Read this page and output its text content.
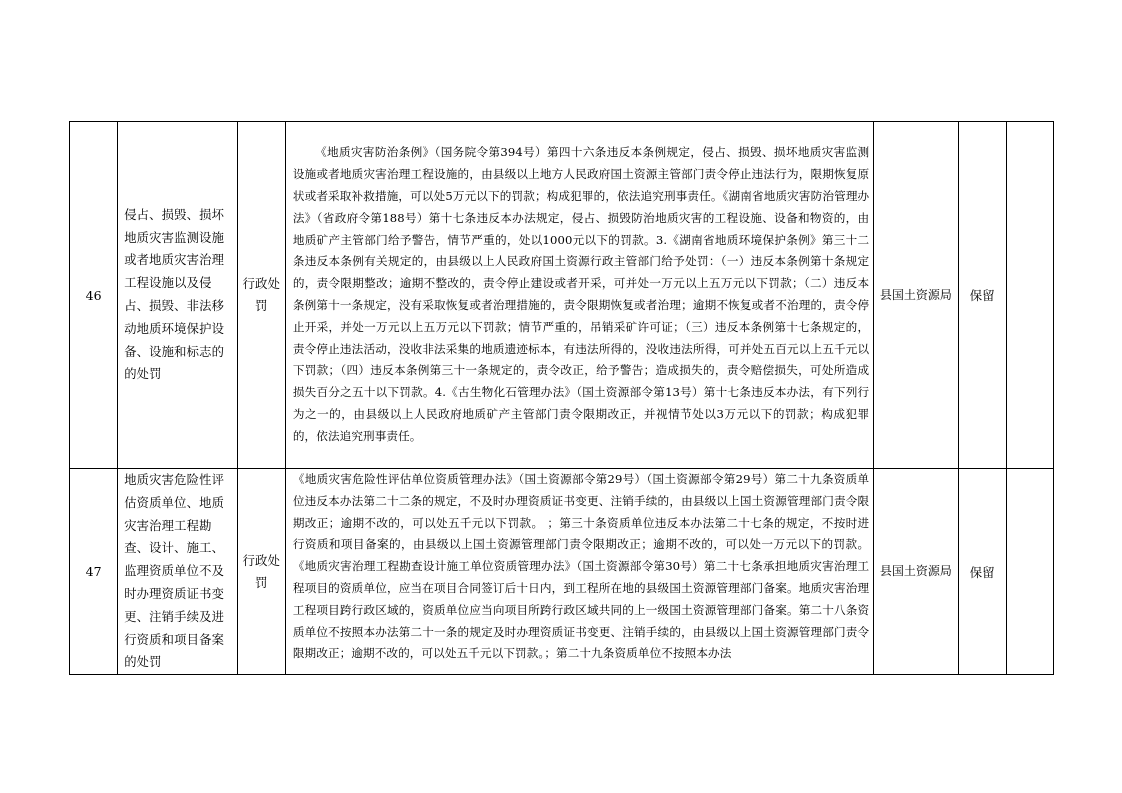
46	侵占、损毁、损坏地质灾害监测设施或者地质灾害治理工程设施以及侵占、损毁、非法移动地质环境保护设备、设施和标志的的处罚	行政处罚	《地质灾害防治条例》（国务院令第394号）第四十六条违反本条例规定，侵占、损毁、损坏地质灾害监测设施或者地质灾害治理工程设施的，由县级以上地方人民政府国土资源主管部门责令停止违法行为，限期恢复原状或者采取补救措施，可以处5万元以下的罚款；构成犯罪的，依法追究刑事责任。《湖南省地质灾害防治管理办法》（省政府令第188号）第十七条违反本办法规定，侵占、损毁防治地质灾害的工程设施、设备和物资的，由地质矿产主管部门给予警告，情节严重的，处以1000元以下的罚款。3.《湖南省地质环境保护条例》第三十二条违反本条例有关规定的，由县级以上人民政府国土资源行政主管部门给予处罚：（一）违反本条例第十条规定的，责令限期整改；逾期不整改的，责令停止建设或者开采，可并处一万元以上五万元以下罚款；（二）违反本条例第十一条规定，没有采取恢复或者治理措施的，责令限期恢复或者治理；逾期不恢复或者不治理的，责令停止开采，并处一万元以上五万元以下罚款；情节严重的，吊销采矿许可证；（三）违反本条例第十七条规定的，责令停止违法活动，没收非法采集的地质遗迹标本，有违法所得的，没收违法所得，可并处五百元以上五千元以下罚款；（四）违反本条例第三十一条规定的，责令改正，给予警告；造成损失的，责令赔偿损失，可处所造成损失百分之五十以下罚款。4.《古生物化石管理办法》（国土资源部令第13号）第十七条违反本办法，有下列行为之一的，由县级以上人民政府地质矿产主管部门责令限期改正，并视情节处以3万元以下的罚款；构成犯罪的，依法追究刑事责任。	县国土资源局	保留	
47	地质灾害危险性评估资质单位、地质灾害治理工程勘查、设计、施工、监理资质单位不及时办理资质证书变更、注销手续及进行资质和项目备案的处罚	行政处罚	《地质灾害危险性评估单位资质管理办法》（国土资源部令第29号）（国土资源部令第29号）第二十九条资质单位违反本办法第二十二条的规定，不及时办理资质证书变更、注销手续的，由县级以上国土资源管理部门责令限期改正；逾期不改的，可以处五千元以下罚款。 ；第三十条资质单位违反本办法第二十七条的规定，不按时进行资质和项目备案的，由县级以上国土资源管理部门责令限期改正；逾期不改的，可以处一万元以下的罚款。《地质灾害治理工程勘查设计施工单位资质管理办法》（国土资源部令第30号）第二十七条承担地质灾害治理工程项目的资质单位，应当在项目合同签订后十日内，到工程所在地的县级国土资源管理部门备案。地质灾害治理工程项目跨行政区域的，资质单位应当向项目所跨行政区域共同的上一级国土资源管理部门备案。第二十八条资质单位不按照本办法第二十一条的规定及时办理资质证书变更、注销手续的，由县级以上国土资源管理部门责令限期改正；逾期不改的，可以处五千元以下罚款。；第二十九条资质单位不按照本办法	县国土资源局	保留	
